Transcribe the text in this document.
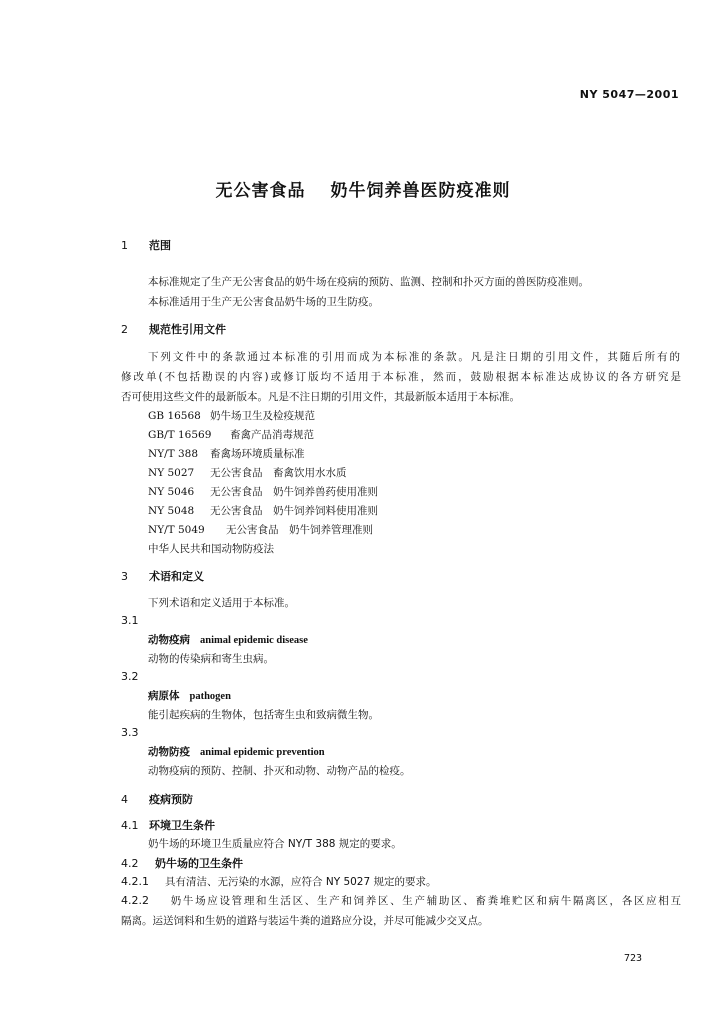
NY 5047—2001
无公害食品 奶牛饲养兽医防疫准则
1 范围
本标准规定了生产无公害食品的奶牛场在疫病的预防、监测、控制和扑灭方面的兽医防疫准则。
本标准适用于生产无公害食品奶牛场的卫生防疫。
2 规范性引用文件
下列文件中的条款通过本标准的引用而成为本标准的条款。凡是注日期的引用文件，其随后所有的
修改单(不包括勘误的内容)或修订版均不适用于本标准，然而，鼓励根据本标准达成协议的各方研究是
否可使用这些文件的最新版本。凡是不注日期的引用文件，其最新版本适用于本标准。
GB 16568 奶牛场卫生及检疫规范
GB/T 16569 畜禽产品消毒规范
NY/T 388 畜禽场环境质量标准
NY 5027 无公害食品　畜禽饮用水水质
NY 5046 无公害食品　奶牛饲养兽药使用准则
NY 5048 无公害食品　奶牛饲养饲料使用准则
NY/T 5049 无公害食品　奶牛饲养管理准则
中华人民共和国动物防疫法
3 术语和定义
下列术语和定义适用于本标准。
3.1
动物疫病 animal epidemic disease
动物的传染病和寄生虫病。
3.2
病原体 pathogen
能引起疾病的生物体，包括寄生虫和致病微生物。
3.3
动物防疫 animal epidemic prevention
动物疫病的预防、控制、扑灭和动物、动物产品的检疫。
4 疫病预防
4.1 环境卫生条件
奶牛场的环境卫生质量应符合 NY/T 388 规定的要求。
4.2 奶牛场的卫生条件
4.2.1 具有清洁、无污染的水源，应符合 NY 5027 规定的要求。
4.2.2 奶牛场应设管理和生活区、生产和饲养区、生产辅助区、畜粪堆贮区和病牛隔离区，各区应相互
隔离。运送饲料和生奶的道路与装运牛粪的道路应分设，并尽可能减少交叉点。
723
